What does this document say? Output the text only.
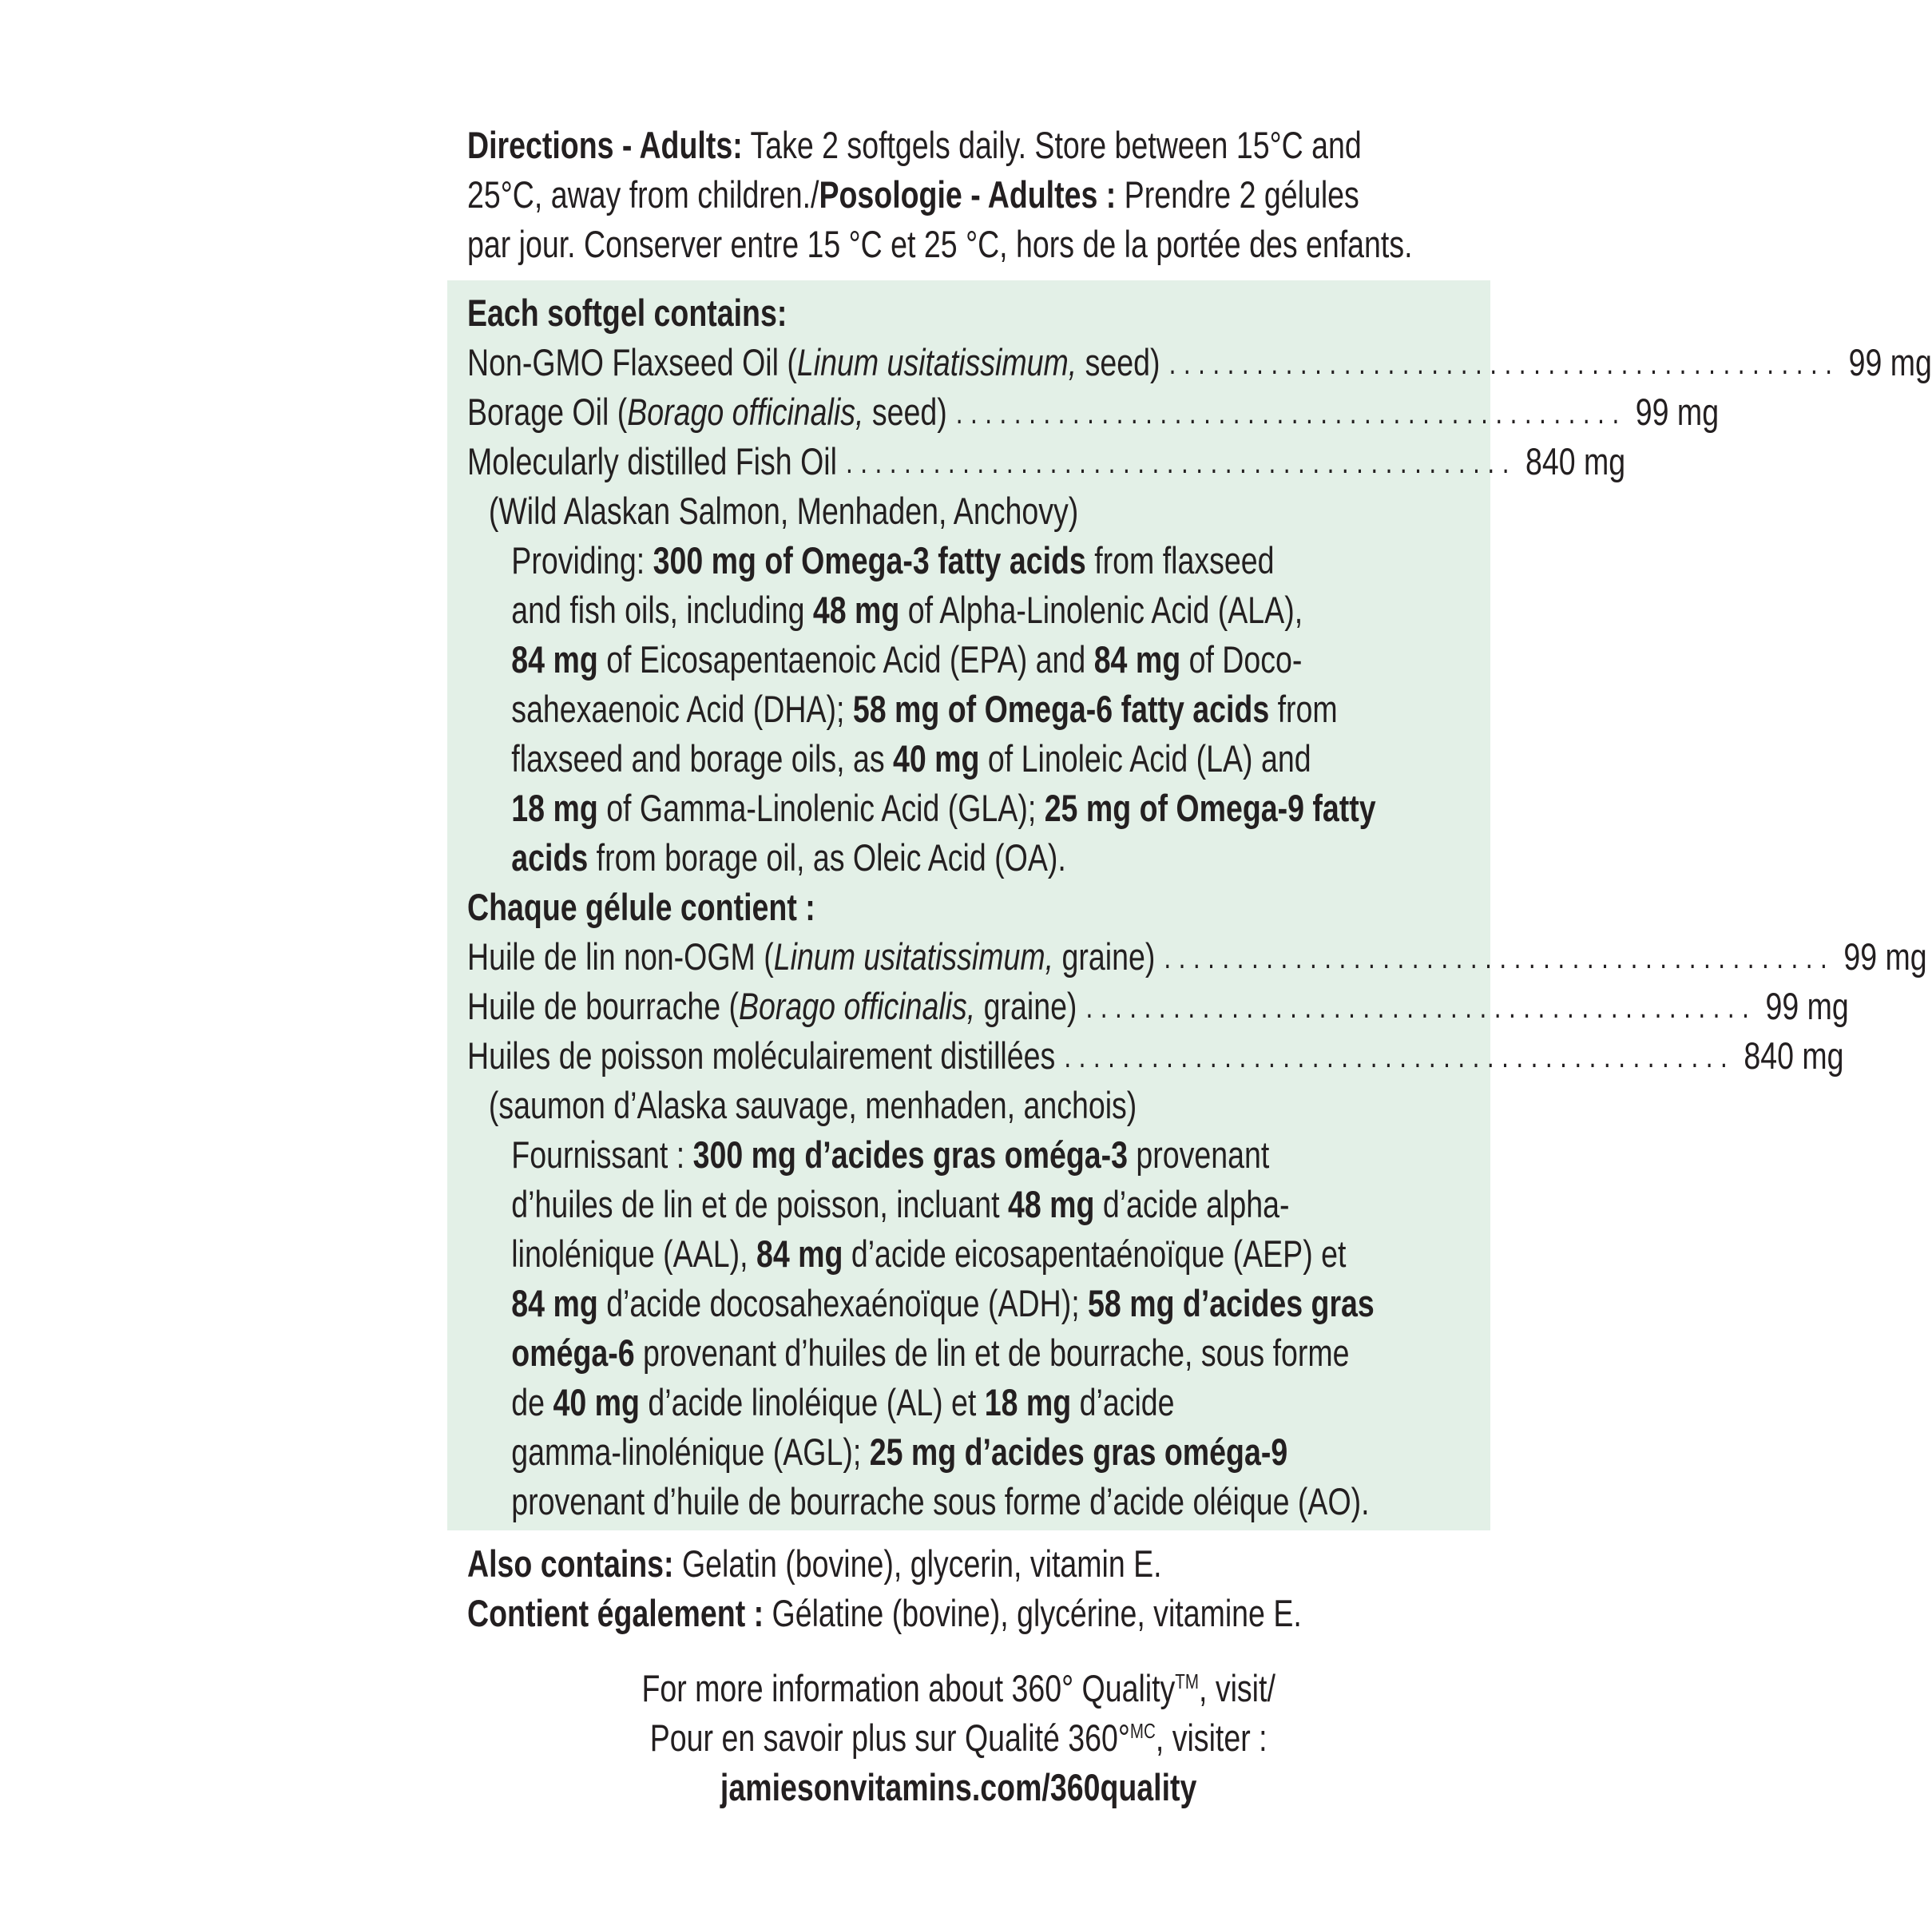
Directions - Adults: Take 2 softgels daily. Store between 15°C and
25°C, away from children./Posologie - Adultes : Prendre 2 gélules
par jour. Conserver entre 15 °C et 25 °C, hors de la portée des enfants.
Each softgel contains:
Non-GMO Flaxseed Oil (Linum usitatissimum, seed) .............................................. 99 mg
Borage Oil (Borago officinalis, seed) .............................................. 99 mg
Molecularly distilled Fish Oil .............................................. 840 mg
(Wild Alaskan Salmon, Menhaden, Anchovy)
Providing: 300 mg of Omega-3 fatty acids from flaxseed
and fish oils, including 48 mg of Alpha-Linolenic Acid (ALA),
84 mg of Eicosapentaenoic Acid (EPA) and 84 mg of Doco-
sahexaenoic Acid (DHA); 58 mg of Omega-6 fatty acids from
flaxseed and borage oils, as 40 mg of Linoleic Acid (LA) and
18 mg of Gamma-Linolenic Acid (GLA); 25 mg of Omega-9 fatty
acids from borage oil, as Oleic Acid (OA).
Chaque gélule contient :
Huile de lin non-OGM (Linum usitatissimum, graine) .............................................. 99 mg
Huile de bourrache (Borago officinalis, graine) .............................................. 99 mg
Huiles de poisson moléculairement distillées .............................................. 840 mg
(saumon d’Alaska sauvage, menhaden, anchois)
Fournissant : 300 mg d’acides gras oméga-3 provenant
d’huiles de lin et de poisson, incluant 48 mg d’acide alpha-
linolénique (AAL), 84 mg d’acide eicosapentaénoïque (AEP) et
84 mg d’acide docosahexaénoïque (ADH); 58 mg d’acides gras
oméga-6 provenant d’huiles de lin et de bourrache, sous forme
de 40 mg d’acide linoléique (AL) et 18 mg d’acide
gamma-linolénique (AGL); 25 mg d’acides gras oméga-9
provenant d’huile de bourrache sous forme d’acide oléique (AO).
Also contains: Gelatin (bovine), glycerin, vitamin E.
Contient également : Gélatine (bovine), glycérine, vitamine E.
For more information about 360° Quality™, visit/
Pour en savoir plus sur Qualité 360°$^{MC}$, visiter :
jamiesonvitamins.com/360quality
